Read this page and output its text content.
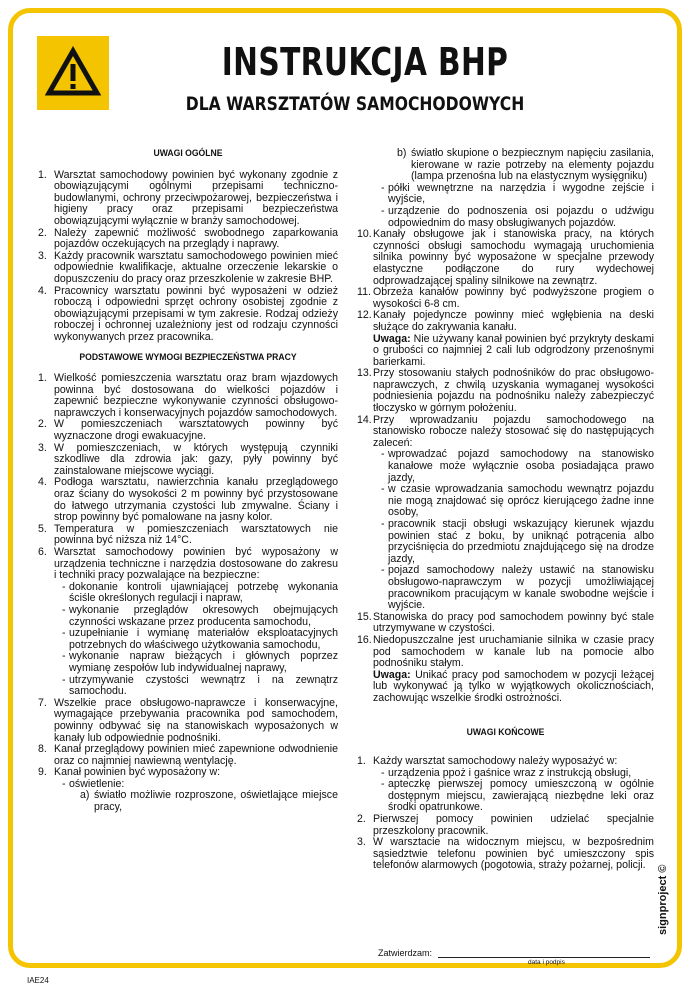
INSTRUKCJA BHP
DLA WARSZTATÓW SAMOCHODOWYCH
UWAGI OGÓLNE
1. Warsztat samochodowy powinien być wykonany zgodnie z obowiązującymi ogólnymi przepisami techniczno-budowlanymi, ochrony przeciwpożarowej, bezpieczeństwa i higieny pracy oraz przepisami bezpieczeństwa obowiązującymi wyłącznie w branży samochodowej.
2. Należy zapewnić możliwość swobodnego zaparkowania pojazdów oczekujących na przeglądy i naprawy.
3. Każdy pracownik warsztatu samochodowego powinien mieć odpowiednie kwalifikacje, aktualne orzeczenie lekarskie o dopuszczeniu do pracy oraz przeszkolenie w zakresie BHP.
4. Pracownicy warsztatu powinni być wyposażeni w odzież roboczą i odpowiedni sprzęt ochrony osobistej zgodnie z obowiązującymi przepisami w tym zakresie. Rodzaj odzieży roboczej i ochronnej uzależniony jest od rodzaju czynności wykonywanych przez pracownika.
PODSTAWOWE WYMOGI BEZPIECZEŃSTWA PRACY
1. Wielkość pomieszczenia warsztatu oraz bram wjazdowych powinna być dostosowana do wielkości pojazdów i zapewnić bezpieczne wykonywanie czynności obsługowo-naprawczych i konserwacyjnych pojazdów samochodowych.
2. W pomieszczeniach warsztatowych powinny być wyznaczone drogi ewakuacyjne.
3. W pomieszczeniach, w których występują czynniki szkodliwe dla zdrowia jak: gazy, pyły powinny być zainstalowane miejscowe wyciągi.
4. Podłoga warsztatu, nawierzchnia kanału przeglądowego oraz ściany do wysokości 2 m powinny być przystosowane do łatwego utrzymania czystości lub zmywalne. Ściany i strop powinny być pomalowane na jasny kolor.
5. Temperatura w pomieszczeniach warsztatowych nie powinna być niższa niż 14°C.
6. Warsztat samochodowy powinien być wyposażony w urządzenia techniczne i narzędzia dostosowane do zakresu i techniki pracy pozwalające na bezpieczne:
- dokonanie kontroli ujawniającej potrzebę wykonania ściśle określonych regulacji i napraw,
- wykonanie przeglądów okresowych obejmujących czynności wskazane przez producenta samochodu,
- uzupełnianie i wymianę materiałów eksploatacyjnych potrzebnych do właściwego użytkowania samochodu,
- wykonanie napraw bieżących i głównych poprzez wymianę zespołów lub indywidualnej naprawy,
- utrzymywanie czystości wewnątrz i na zewnątrz samochodu.
7. Wszelkie prace obsługowo-naprawcze i konserwacyjne, wymagające przebywania pracownika pod samochodem, powinny odbywać się na stanowiskach wyposażonych w kanały lub odpowiednie podnośniki.
8. Kanał przeglądowy powinien mieć zapewnione odwodnienie oraz co najmniej nawiewną wentylację.
9. Kanał powinien być wyposażony w:
- oświetlenie:
a) światło możliwie rozproszone, oświetlające miejsce pracy,
b) światło skupione o bezpiecznym napięciu zasilania, kierowane w razie potrzeby na elementy pojazdu (lampa przenośna lub na elastycznym wysięgniku)
- półki wewnętrzne na narzędzia i wygodne zejście i wyjście,
- urządzenie do podnoszenia osi pojazdu o udźwigu odpowiednim do masy obsługiwanych pojazdów.
10. Kanały obsługowe jak i stanowiska pracy, na których czynności obsługi samochodu wymagają uruchomienia silnika powinny być wyposażone w specjalne przewody elastyczne podłączone do rury wydechowej odprowadzającej spaliny silnikowe na zewnątrz.
11. Obrzeża kanałów powinny być podwyższone progiem o wysokości 6-8 cm.
12. Kanały pojedyncze powinny mieć wgłębienia na deski służące do zakrywania kanału.
Uwaga: Nie używany kanał powinien być przykryty deskami o grubości co najmniej 2 cali lub odgrodzony przenośnymi barierkami.
13. Przy stosowaniu stałych podnośników do prac obsługowo-naprawczych, z chwilą uzyskania wymaganej wysokości podniesienia pojazdu na podnośniku należy zabezpieczyć tłoczysko w górnym położeniu.
14. Przy wprowadzaniu pojazdu samochodowego na stanowisko robocze należy stosować się do następujących zaleceń:
- wprowadzać pojazd samochodowy na stanowisko kanałowe może wyłącznie osoba posiadająca prawo jazdy,
- w czasie wprowadzania samochodu wewnątrz pojazdu nie mogą znajdować się oprócz kierującego żadne inne osoby,
- pracownik stacji obsługi wskazujący kierunek wjazdu powinien stać z boku, by uniknąć potrącenia albo przyciśnięcia do przedmiotu znajdującego się na drodze jazdy,
- pojazd samochodowy należy ustawić na stanowisku obsługowo-naprawczym w pozycji umożliwiającej pracownikom pracującym w kanale swobodne wejście i wyjście.
15. Stanowiska do pracy pod samochodem powinny być stale utrzymywane w czystości.
16. Niedopuszczalne jest uruchamianie silnika w czasie pracy pod samochodem w kanale lub na pomocie albo podnośniku stałym.
Uwaga: Unikać pracy pod samochodem w pozycji leżącej lub wykonywać ją tylko w wyjątkowych okolicznościach, zachowując wszelkie środki ostrożności.
UWAGI KOŃCOWE
1. Każdy warsztat samochodowy należy wyposażyć w:
- urządzenia ppoż i gaśnice wraz z instrukcją obsługi,
- apteczkę pierwszej pomocy umieszczoną w ogólnie dostępnym miejscu, zawierającą niezbędne leki oraz środki opatrunkowe.
2. Pierwszej pomocy powinien udzielać specjalnie przeszkolony pracownik.
3. W warsztacie na widocznym miejscu, w bezpośrednim sąsiedztwie telefonu powinien być umieszczony spis telefonów alarmowych (pogotowia, straży pożarnej, policji.
Zatwierdzam:
data i podpis
signproject ©
IAE24
